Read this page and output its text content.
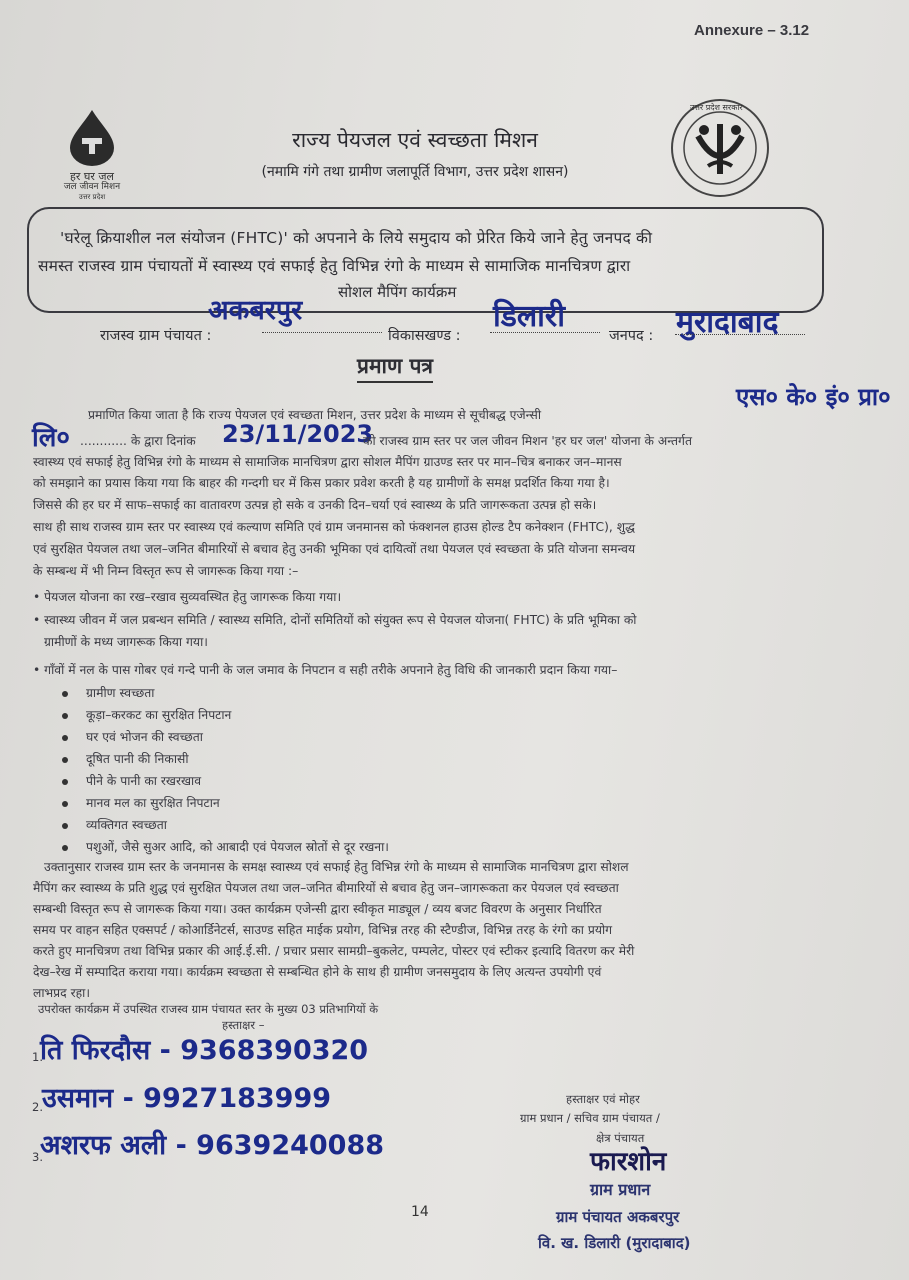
Annexure – 3.12
हर घर जल
जल जीवन मिशन
उत्तर प्रदेश
उत्तर प्रदेश सरकार
राज्य पेयजल एवं स्वच्छता मिशन
(नमामि गंगे तथा ग्रामीण जलापूर्ति विभाग, उत्तर प्रदेश शासन)
'घरेलू क्रियाशील नल संयोजन (FHTC)' को अपनाने के लिये समुदाय को प्रेरित किये जाने हेतु जनपद की
समस्त राजस्व ग्राम पंचायतों में स्वास्थ्य एवं सफाई हेतु विभिन्न रंगो के माध्यम से सामाजिक मानचित्रण द्वारा
सोशल मैपिंग कार्यक्रम
अकबरपुर	डिलारी	मुरादाबाद
राजस्व ग्राम पंचायत :	विकासखण्ड :	जनपद :
प्रमाण पत्र
एस० के० इं० प्रा०
प्रमाणित किया जाता है कि राज्य पेयजल एवं स्वच्छता मिशन, उत्तर प्रदेश के माध्यम से सूचीबद्ध एजेन्सी
लि० ............ के द्वारा दिनांक 23/11/2023
को राजस्व ग्राम स्तर पर जल जीवन मिशन 'हर घर जल' योजना के अन्तर्गत
स्वास्थ्य एवं सफाई हेतु विभिन्न रंगो के माध्यम से सामाजिक मानचित्रण द्वारा सोशल मैपिंग ग्राउण्ड स्तर पर मान–चित्र बनाकर जन–मानस
को समझाने का प्रयास किया गया कि बाहर की गन्दगी घर में किस प्रकार प्रवेश करती है यह ग्रामीणों के समक्ष प्रदर्शित किया गया है।
जिससे की हर घर में साफ–सफाई का वातावरण उत्पन्न हो सके व उनकी दिन–चर्या एवं स्वास्थ्य के प्रति जागरूकता उत्पन्न हो सके।
साथ ही साथ राजस्व ग्राम स्तर पर स्वास्थ्य एवं कल्याण समिति एवं ग्राम जनमानस को फंक्शनल हाउस होल्ड टैप कनेक्शन (FHTC), शुद्ध
एवं सुरक्षित पेयजल तथा जल–जनित बीमारियों से बचाव हेतु उनकी भूमिका एवं दायित्वों तथा पेयजल एवं स्वच्छता के प्रति योजना समन्वय
के सम्बन्ध में भी निम्न विस्तृत रूप से जागरूक किया गया :–
• पेयजल योजना का रख–रखाव सुव्यवस्थित हेतु जागरूक किया गया।
• स्वास्थ्य जीवन में जल प्रबन्धन समिति / स्वास्थ्य समिति, दोनों समितियों को संयुक्त रूप से पेयजल योजना( FHTC) के प्रति भूमिका को
ग्रामीणों के मध्य जागरूक किया गया।
• गाँवों में नल के पास गोबर एवं गन्दे पानी के जल जमाव के निपटान व सही तरीके अपनाने हेतु विधि की जानकारी प्रदान किया गया–
ग्रामीण स्वच्छता
कूड़ा–करकट का सुरक्षित निपटान
घर एवं भोजन की स्वच्छता
दूषित पानी की निकासी
पीने के पानी का रखरखाव
मानव मल का सुरक्षित निपटान
व्यक्तिगत स्वच्छता
पशुओं, जैसे सुअर आदि, को आबादी एवं पेयजल स्रोतों से दूर रखना।
उक्तानुसार राजस्व ग्राम स्तर के जनमानस के समक्ष स्वास्थ्य एवं सफाई हेतु विभिन्न रंगो के माध्यम से सामाजिक मानचित्रण द्वारा सोशल
मैपिंग कर स्वास्थ्य के प्रति शुद्ध एवं सुरक्षित पेयजल तथा जल–जनित बीमारियों से बचाव हेतु जन–जागरूकता कर पेयजल एवं स्वच्छता
सम्बन्धी विस्तृत रूप से जागरूक किया गया। उक्त कार्यक्रम एजेन्सी द्वारा स्वीकृत माड्यूल / व्यय बजट विवरण के अनुसार निर्धारित
समय पर वाहन सहित एक्सपर्ट / कोआर्डिनेटर्स, साउण्ड सहित माईक प्रयोग, विभिन्न तरह की स्टैण्डीज, विभिन्न तरह के रंगो का प्रयोग
करते हुए मानचित्रण तथा विभिन्न प्रकार की आई.ई.सी. / प्रचार प्रसार सामग्री–बुकलेट, पम्पलेट, पोस्टर एवं स्टीकर इत्यादि वितरण कर मेरी
देख–रेख में सम्पादित कराया गया। कार्यक्रम स्वच्छता से सम्बन्धित होने के साथ ही ग्रामीण जनसमुदाय के लिए अत्यन्त उपयोगी एवं
लाभप्रद रहा।
उपरोक्त कार्यक्रम में उपस्थित राजस्व ग्राम पंचायत स्तर के मुख्य 03 प्रतिभागियों के
हस्ताक्षर –
1.
ति फिरदौस - 9368390320
2. उसमान - 9927183999
3.
अशरफ अली - 9639240088
हस्ताक्षर एवं मोहर
ग्राम प्रधान / सचिव ग्राम पंचायत /
क्षेत्र पंचायत
फारशोन
ग्राम प्रधान
ग्राम पंचायत अकबरपुर
वि. ख. डिलारी (मुरादाबाद)
14
